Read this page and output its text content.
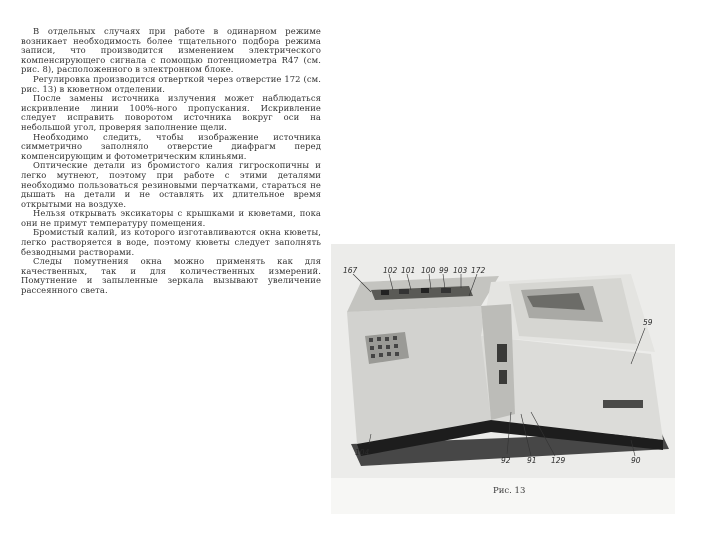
В отдельных случаях при работе в одинарном режиме возникает необходимость более тщательного подбора режима записи, что производится изменением электрического компенсирующего сигнала с помощью потенциометра R47 (см. рис. 8), расположенного в электронном блоке.

Регулировка производится отверткой через отверстие 172 (см. рис. 13) в кюветном отделении.

После замены источника излучения может наблюдаться искривление линии 100%-ного пропускания. Искривление следует исправить поворотом источника вокруг оси на небольшой угол, проверяя заполнение щели.

Необходимо следить, чтобы изображение источника симметрично заполняло отверстие диафрагм перед компенсирующим и фотометрическим клиньями.

Оптические детали из бромистого калия гигроскопичны и легко мутнеют, поэтому при работе с этими деталями необходимо пользоваться резиновыми перчатками, стараться не дышать на детали и не оставлять их длительное время открытыми на воздухе.

Нельзя открывать эксикаторы с крышками и кюветами, пока они не примут температуру помещения.

Бромистый калий, из которого изготавливаются окна кюветы, легко растворяется в воде, поэтому кюветы следует заполнять безводными растворами.

Следы помутнения окна можно применять как для качественных, так и для количественных измерений. Помутнение и запыленные зеркала вызывают увеличение рассеянного света.

167	102 101 100 99 103 172
59
104
92 91 129	90
Рис. 13
